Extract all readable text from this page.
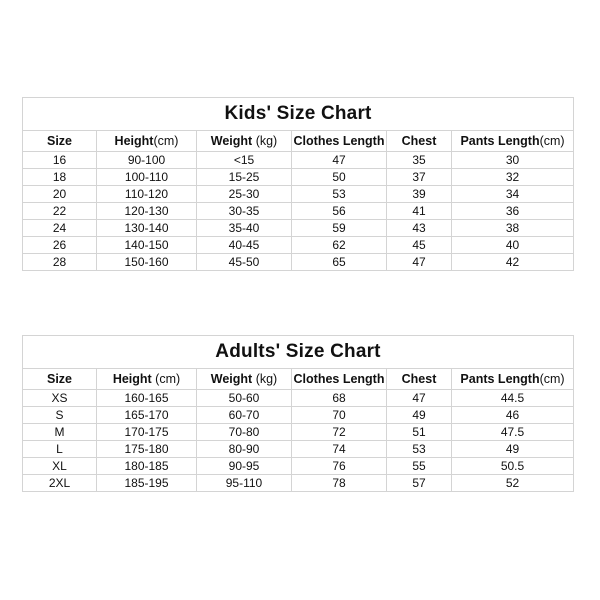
Kids' Size Chart					
Size	Height(cm)	Weight (kg)	Clothes Length	Chest	Pants Length(cm)
16	90-100	<15	47	35	30
18	100-110	15-25	50	37	32
20	110-120	25-30	53	39	34
22	120-130	30-35	56	41	36
24	130-140	35-40	59	43	38
26	140-150	40-45	62	45	40
28	150-160	45-50	65	47	42
Adults' Size Chart					
Size	Height (cm)	Weight (kg)	Clothes Length	Chest	Pants Length(cm)
XS	160-165	50-60	68	47	44.5
S	165-170	60-70	70	49	46
M	170-175	70-80	72	51	47.5
L	175-180	80-90	74	53	49
XL	180-185	90-95	76	55	50.5
2XL	185-195	95-110	78	57	52
